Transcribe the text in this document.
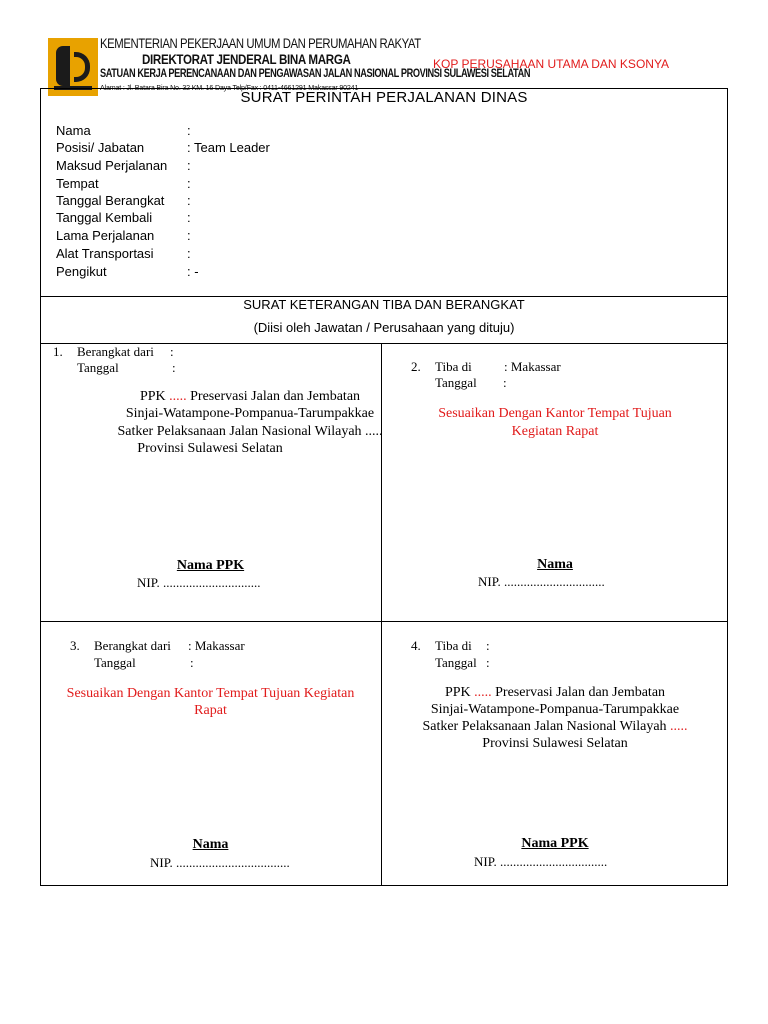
KEMENTERIAN PEKERJAAN UMUM DAN PERUMAHAN RAKYAT
DIREKTORAT JENDERAL BINA MARGA
SATUAN KERJA PERENCANAAN DAN PENGAWASAN JALAN NASIONAL PROVINSI SULAWESI SELATAN
Alamat : Jl. Batara Bira No. 32 KM. 16 Daya Telp/Fax : 0411-4661291 Makassar 90241
KOP PERUSAHAAN UTAMA DAN KSONYA
SURAT PERINTAH PERJALANAN DINAS
Nama	:
Posisi/ Jabatan	: Team Leader
Maksud Perjalanan :
Tempat	:
Tanggal Berangkat :
Tanggal Kembali	:
Lama Perjalanan	:
Alat Transportasi	:
Pengikut	: -
SURAT KETERANGAN TIBA DAN BERANGKAT
(Diisi oleh Jawatan / Perusahaan yang dituju)
1. Berangkat dari :
Tanggal	:
PPK ..... Preservasi Jalan dan Jembatan
Sinjai-Watampone-Pompanua-Tarumpakkae
Satker Pelaksanaan Jalan Nasional Wilayah .....
Provinsi Sulawesi Selatan
Nama PPK
NIP. ..............................
2. Tiba di : Makassar
Tanggal :
Sesuaikan Dengan Kantor Tempat Tujuan
Kegiatan Rapat
Nama
NIP. ...............................
3. Berangkat dari : Makassar
Tanggal	:
Sesuaikan Dengan Kantor Tempat Tujuan Kegiatan
Rapat
Nama
NIP. ...................................
4. Tiba di :
Tanggal :
PPK ..... Preservasi Jalan dan Jembatan
Sinjai-Watampone-Pompanua-Tarumpakkae
Satker Pelaksanaan Jalan Nasional Wilayah .....
Provinsi Sulawesi Selatan
Nama PPK
NIP. .................................
